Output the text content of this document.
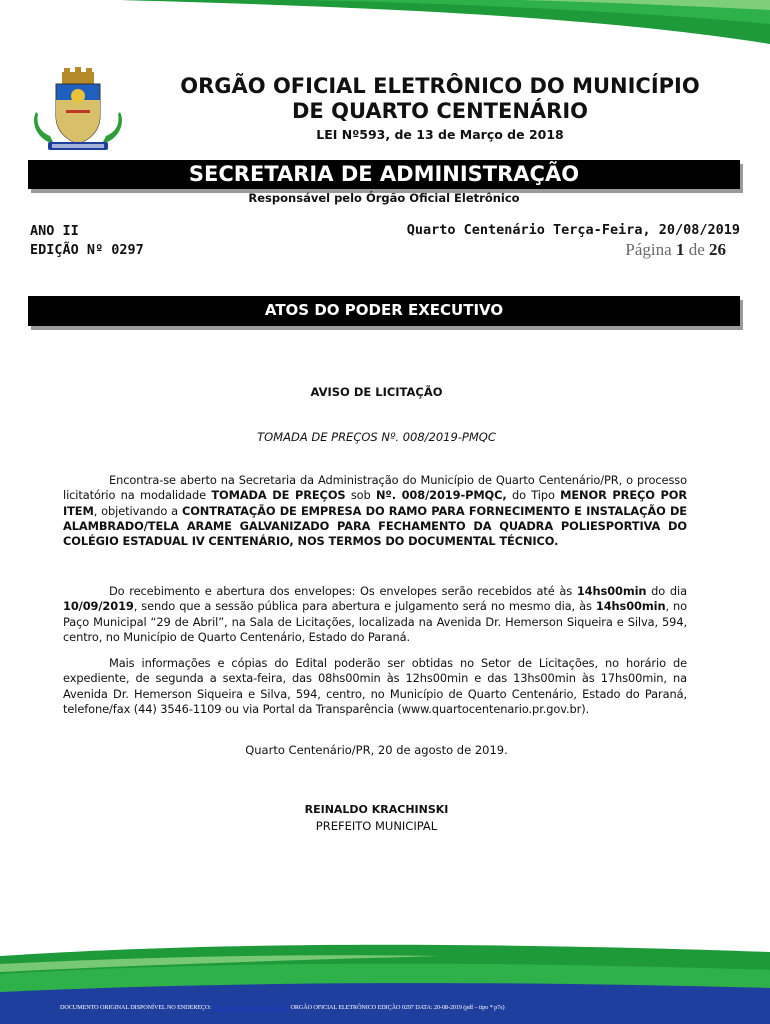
ORGÃO OFICIAL ELETRÔNICO DO MUNICÍPIO
DE QUARTO CENTENÁRIO
LEI Nº593, de 13 de Março de 2018
SECRETARIA DE ADMINISTRAÇÃO
Responsável pelo Órgão Oficial Eletrônico
ANO II
EDIÇÃO Nº 0297
Quarto Centenário Terça-Feira, 20/08/2019
Página 1 de 26
ATOS DO PODER EXECUTIVO
AVISO DE LICITAÇÃO
TOMADA DE PREÇOS Nº. 008/2019-PMQC
Encontra-se aberto na Secretaria da Administração do Município de Quarto Centenário/PR, o processo licitatório na modalidade TOMADA DE PREÇOS sob Nº. 008/2019-PMQC, do Tipo MENOR PREÇO POR ITEM, objetivando a CONTRATAÇÃO DE EMPRESA DO RAMO PARA FORNECIMENTO E INSTALAÇÃO DE ALAMBRADO/TELA ARAME GALVANIZADO PARA FECHAMENTO DA QUADRA POLIESPORTIVA DO COLÉGIO ESTADUAL IV CENTENÁRIO, NOS TERMOS DO DOCUMENTAL TÉCNICO.
Do recebimento e abertura dos envelopes: Os envelopes serão recebidos até às 14hs00min do dia 10/09/2019, sendo que a sessão pública para abertura e julgamento será no mesmo dia, às 14hs00min, no Paço Municipal “29 de Abril”, na Sala de Licitações, localizada na Avenida Dr. Hemerson Siqueira e Silva, 594, centro, no Município de Quarto Centenário, Estado do Paraná.
Mais informações e cópias do Edital poderão ser obtidas no Setor de Licitações, no horário de expediente, de segunda a sexta-feira, das 08hs00min às 12hs00min e das 13hs00min às 17hs00min, na Avenida Dr. Hemerson Siqueira e Silva, 594, centro, no Município de Quarto Centenário, Estado do Paraná, telefone/fax (44) 3546-1109 ou via Portal da Transparência (www.quartocentenario.pr.gov.br).
Quarto Centenário/PR, 20 de agosto de 2019.
REINALDO KRACHINSKI
PREFEITO MUNICIPAL
DOCUMENTO ORIGINAL DISPONÍVEL NO ENDEREÇO: www.quartocentenario.pr.gov.br ORGÃO OFICIAL ELETRÔNICO EDIÇÃO 0297 DATA: 20-08-2019 (pdf – tipo * p7s)
